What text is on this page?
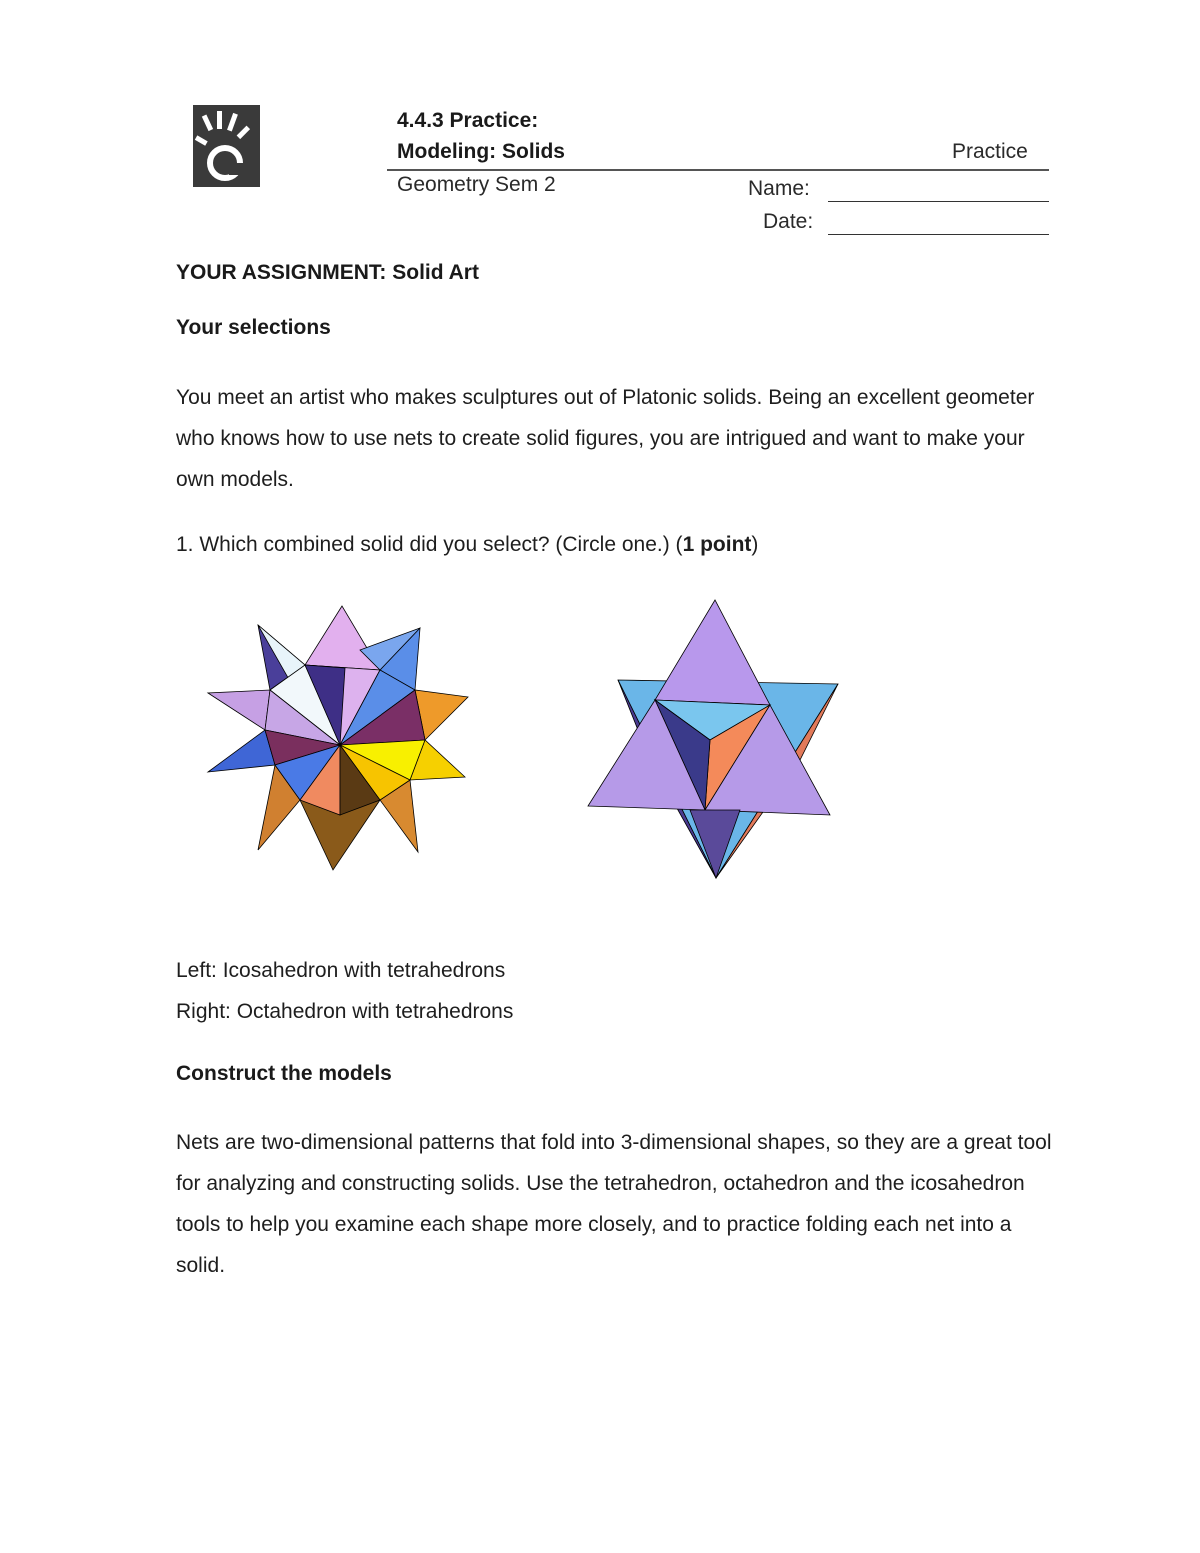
4.4.3 Practice:
Modeling: Solids	Practice
Geometry Sem 2	Name:
Date:
YOUR ASSIGNMENT: Solid Art
Your selections
You meet an artist who makes sculptures out of Platonic solids. Being an excellent geometer who knows how to use nets to create solid figures, you are intrigued and want to make your own models.
1. Which combined solid did you select? (Circle one.) (1 point)
Left: Icosahedron with tetrahedrons
Right: Octahedron with tetrahedrons
Construct the models
Nets are two-dimensional patterns that fold into 3-dimensional shapes, so they are a great tool for analyzing and constructing solids. Use the tetrahedron, octahedron and the icosahedron tools to help you examine each shape more closely, and to practice folding each net into a solid.
